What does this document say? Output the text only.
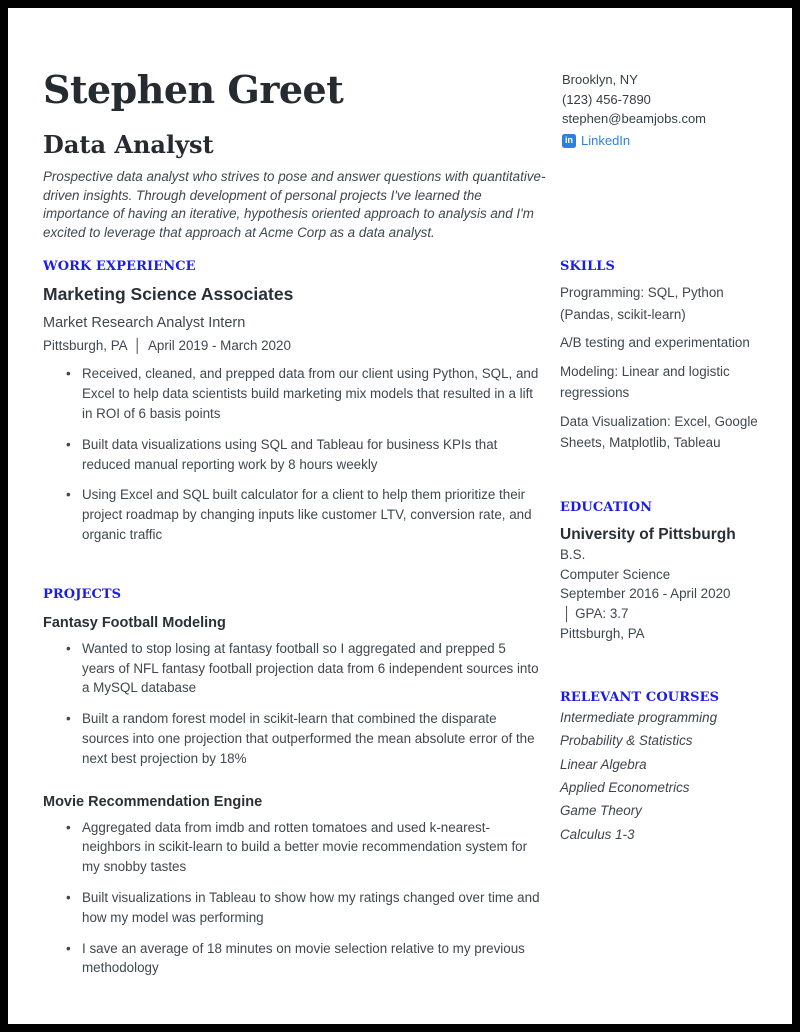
Stephen Greet
Data Analyst

Prospective data analyst who strives to pose and answer questions with quantitative-driven insights. Through development of personal projects I've learned the importance of having an iterative, hypothesis oriented approach to analysis and I'm excited to leverage that approach at Acme Corp as a data analyst.

Brooklyn, NY
(123) 456-7890
stephen@beamjobs.com
in LinkedIn
WORK EXPERIENCE
Marketing Science Associates
Market Research Analyst Intern
Pittsburgh, PA │ April 2019 - March 2020
• Received, cleaned, and prepped data from our client using Python, SQL, and Excel to help data scientists build marketing mix models that resulted in a lift in ROI of 6 basis points
• Built data visualizations using SQL and Tableau for business KPIs that reduced manual reporting work by 8 hours weekly
• Using Excel and SQL built calculator for a client to help them prioritize their project roadmap by changing inputs like customer LTV, conversion rate, and organic traffic
PROJECTS
Fantasy Football Modeling
• Wanted to stop losing at fantasy football so I aggregated and prepped 5 years of NFL fantasy football projection data from 6 independent sources into a MySQL database
• Built a random forest model in scikit-learn that combined the disparate sources into one projection that outperformed the mean absolute error of the next best projection by 18%
Movie Recommendation Engine
• Aggregated data from imdb and rotten tomatoes and used k-nearest-neighbors in scikit-learn to build a better movie recommendation system for my snobby tastes
• Built visualizations in Tableau to show how my ratings changed over time and how my model was performing
• I save an average of 18 minutes on movie selection relative to my previous methodology
SKILLS
Programming: SQL, Python (Pandas, scikit-learn)
A/B testing and experimentation
Modeling: Linear and logistic regressions
Data Visualization: Excel, Google Sheets, Matplotlib, Tableau
EDUCATION
University of Pittsburgh
B.S.
Computer Science
September 2016 - April 2020
│ GPA: 3.7
Pittsburgh, PA
RELEVANT COURSES
Intermediate programming
Probability & Statistics
Linear Algebra
Applied Econometrics
Game Theory
Calculus 1-3
